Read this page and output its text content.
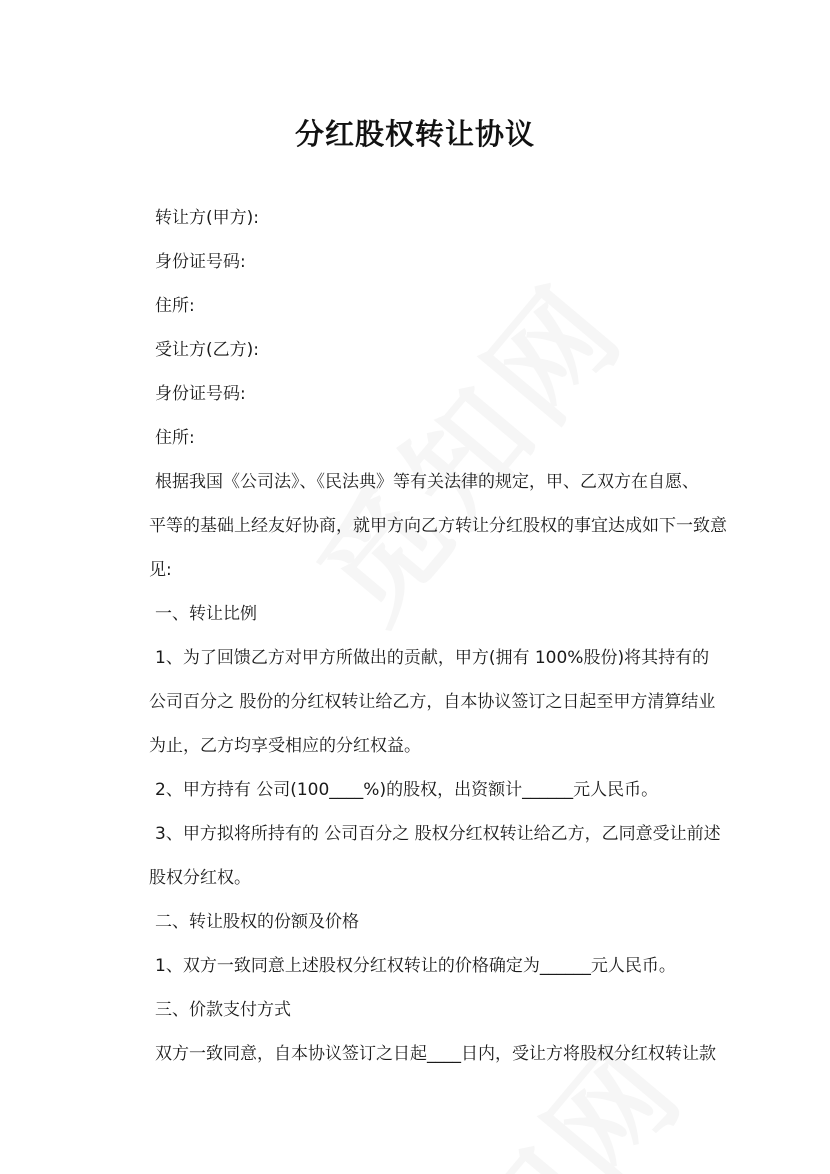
分红股权转让协议
转让方(甲方):
身份证号码:
住所:
受让方(乙方):
身份证号码:
住所:
根据我国《公司法》、《民法典》等有关法律的规定，甲、乙双方在自愿、
平等的基础上经友好协商，就甲方向乙方转让分红股权的事宜达成如下一致意
见:
一、转让比例
1、为了回馈乙方对甲方所做出的贡献，甲方(拥有 100%股份)将其持有的
公司百分之 股份的分红权转让给乙方，自本协议签订之日起至甲方清算结业
为止，乙方均享受相应的分红权益。
2、甲方持有 公司(100____%)的股权，出资额计______元人民币。
3、甲方拟将所持有的 公司百分之 股权分红权转让给乙方，乙同意受让前述
股权分红权。
二、转让股权的份额及价格
1、双方一致同意上述股权分红权转让的价格确定为______元人民币。
三、价款支付方式
双方一致同意，自本协议签订之日起____日内，受让方将股权分红权转让款
